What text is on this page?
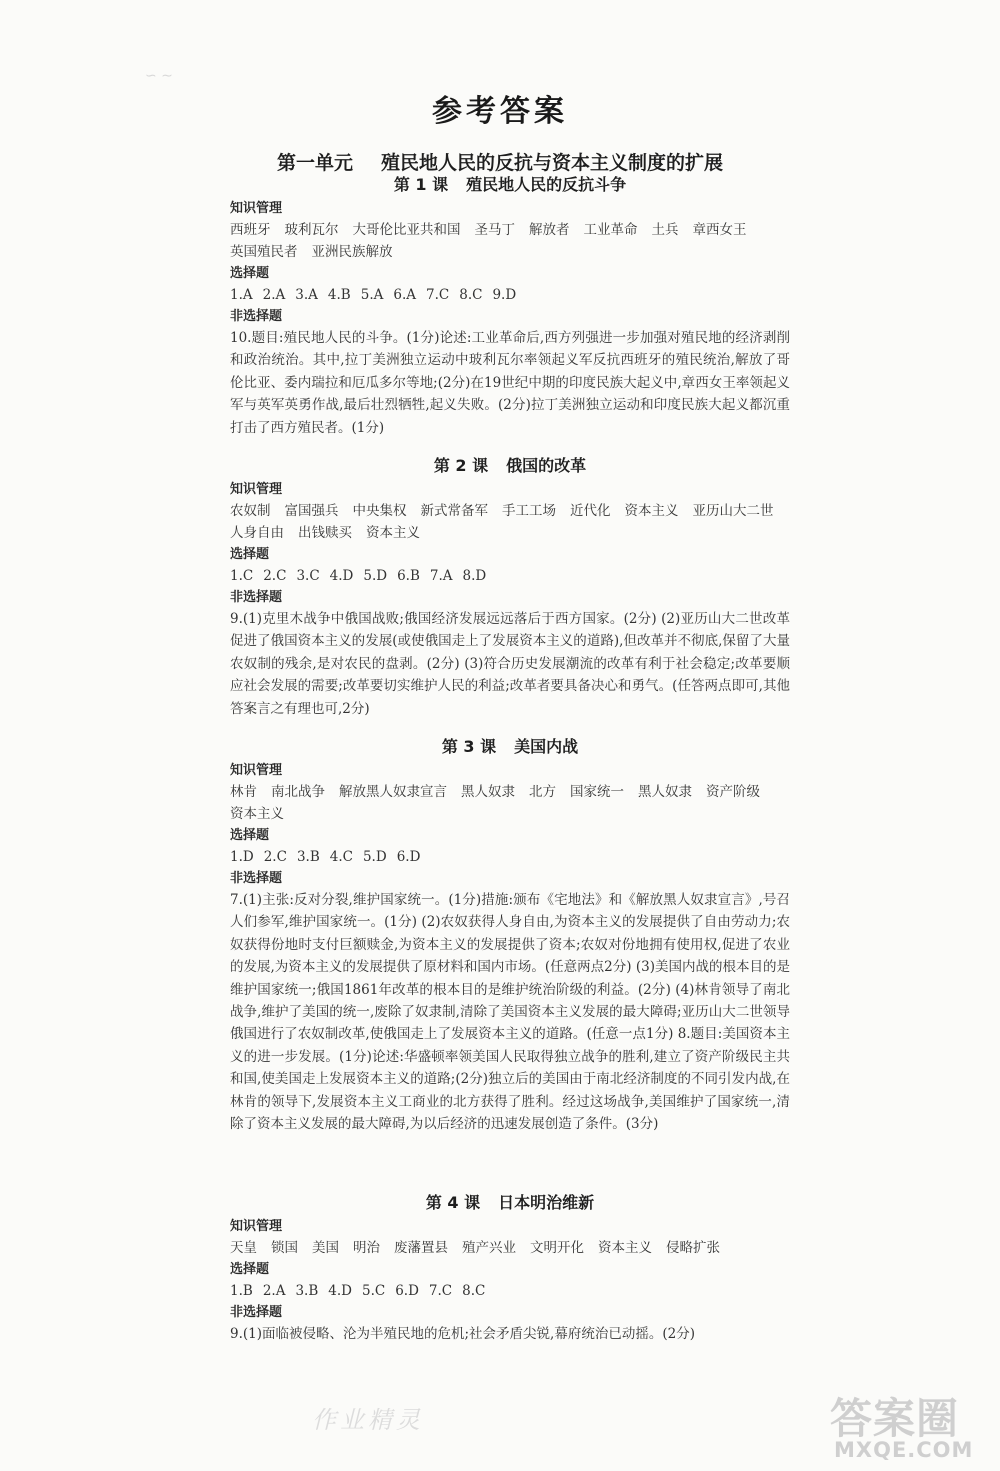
∽ ∼
参考答案
第一单元 殖民地人民的反抗与资本主义制度的扩展
第 1 课 殖民地人民的反抗斗争
知识管理
西班牙 玻利瓦尔 大哥伦比亚共和国 圣马丁 解放者 工业革命 土兵 章西女王英国殖民者 亚洲民族解放
选择题
1.A 2.A 3.A 4.B 5.A 6.A 7.C 8.C 9.D
非选择题
10.题目:殖民地人民的斗争。(1分)论述:工业革命后,西方列强进一步加强对殖民地的经济剥削和政治统治。其中,拉丁美洲独立运动中玻利瓦尔率领起义军反抗西班牙的殖民统治,解放了哥伦比亚、委内瑞拉和厄瓜多尔等地;(2分)在19世纪中期的印度民族大起义中,章西女王率领起义军与英军英勇作战,最后壮烈牺牲,起义失败。(2分)拉丁美洲独立运动和印度民族大起义都沉重打击了西方殖民者。(1分)
第 2 课 俄国的改革
知识管理
农奴制 富国强兵 中央集权 新式常备军 手工工场 近代化 资本主义 亚历山大二世人身自由 出钱赎买 资本主义
选择题
1.C 2.C 3.C 4.D 5.D 6.B 7.A 8.D
非选择题
9.(1)克里木战争中俄国战败;俄国经济发展远远落后于西方国家。(2分) (2)亚历山大二世改革促进了俄国资本主义的发展(或使俄国走上了发展资本主义的道路),但改革并不彻底,保留了大量农奴制的残余,是对农民的盘剥。(2分) (3)符合历史发展潮流的改革有利于社会稳定;改革要顺应社会发展的需要;改革要切实维护人民的利益;改革者要具备决心和勇气。(任答两点即可,其他答案言之有理也可,2分)
第 3 课 美国内战
知识管理
林肯 南北战争 解放黑人奴隶宣言 黑人奴隶 北方 国家统一 黑人奴隶 资产阶级资本主义
选择题
1.D 2.C 3.B 4.C 5.D 6.D
非选择题
7.(1)主张:反对分裂,维护国家统一。(1分)措施:颁布《宅地法》和《解放黑人奴隶宣言》,号召人们参军,维护国家统一。(1分) (2)农奴获得人身自由,为资本主义的发展提供了自由劳动力;农奴获得份地时支付巨额赎金,为资本主义的发展提供了资本;农奴对份地拥有使用权,促进了农业的发展,为资本主义的发展提供了原材料和国内市场。(任意两点2分) (3)美国内战的根本目的是维护国家统一;俄国1861年改革的根本目的是维护统治阶级的利益。(2分) (4)林肯领导了南北战争,维护了美国的统一,废除了奴隶制,清除了美国资本主义发展的最大障碍;亚历山大二世领导俄国进行了农奴制改革,使俄国走上了发展资本主义的道路。(任意一点1分) 8.题目:美国资本主义的进一步发展。(1分)论述:华盛顿率领美国人民取得独立战争的胜利,建立了资产阶级民主共和国,使美国走上发展资本主义的道路;(2分)独立后的美国由于南北经济制度的不同引发内战,在林肯的领导下,发展资本主义工商业的北方获得了胜利。经过这场战争,美国维护了国家统一,清除了资本主义发展的最大障碍,为以后经济的迅速发展创造了条件。(3分)
第 4 课 日本明治维新
知识管理
天皇 锁国 美国 明治 废藩置县 殖产兴业 文明开化 资本主义 侵略扩张
选择题
1.B 2.A 3.B 4.D 5.C 6.D 7.C 8.C
非选择题
9.(1)面临被侵略、沦为半殖民地的危机;社会矛盾尖锐,幕府统治已动摇。(2分)
作业精灵	答案圈
MXQE.COM
